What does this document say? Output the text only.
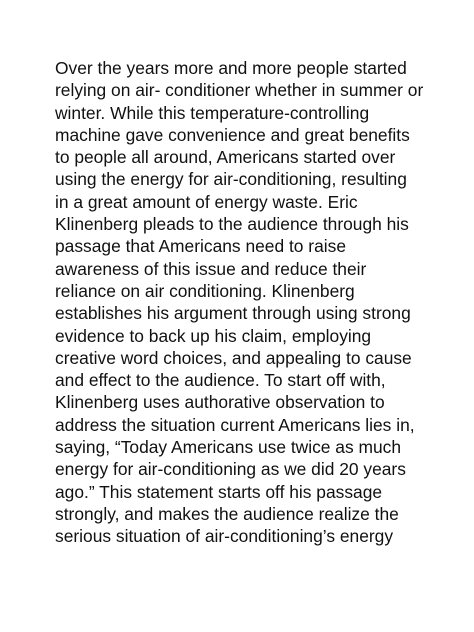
Over the years more and more people started
relying on air- conditioner whether in summer or
winter. While this temperature-controlling
machine gave convenience and great benefits
to people all around, Americans started over
using the energy for air-conditioning, resulting
in a great amount of energy waste. Eric
Klinenberg pleads to the audience through his
passage that Americans need to raise
awareness of this issue and reduce their
reliance on air conditioning. Klinenberg
establishes his argument through using strong
evidence to back up his claim, employing
creative word choices, and appealing to cause
and effect to the audience. To start off with,
Klinenberg uses authorative observation to
address the situation current Americans lies in,
saying, “Today Americans use twice as much
energy for air-conditioning as we did 20 years
ago.” This statement starts off his passage
strongly, and makes the audience realize the
serious situation of air-conditioning’s energy
